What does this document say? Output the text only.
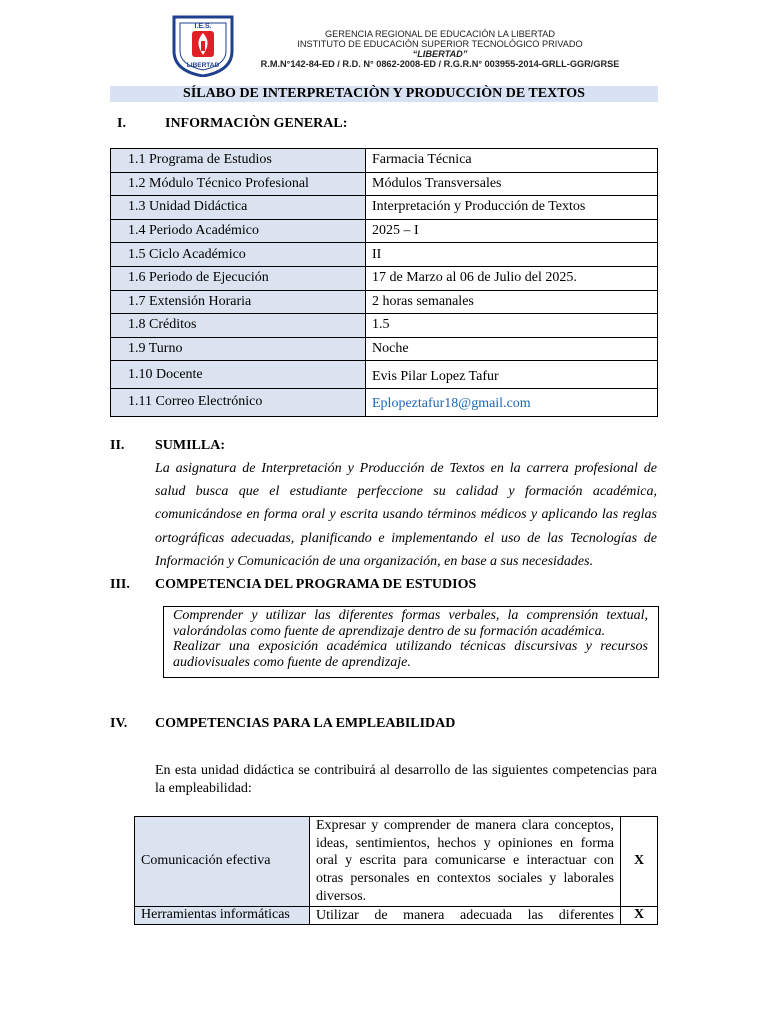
I.E.S.
LIBERTAD
GERENCIA REGIONAL DE EDUCACIÓN LA LIBERTAD
INSTITUTO DE EDUCACIÓN SUPERIOR TECNOLÓGICO PRIVADO
“LIBERTAD”
R.M.N°142-84-ED / R.D. N° 0862-2008-ED / R.G.R.N° 003955-2014-GRLL-GGR/GRSE
SÍLABO DE INTERPRETACIÒN Y PRODUCCIÒN DE TEXTOS
I.	INFORMACIÒN GENERAL:
1.1 Programa de Estudios	Farmacia Técnica
1.2 Módulo Técnico Profesional	Módulos Transversales
1.3 Unidad Didáctica	Interpretación y Producción de Textos
1.4 Periodo Académico	2025 – I
1.5 Ciclo Académico	II
1.6 Periodo de Ejecución	17 de Marzo al 06 de Julio del 2025.
1.7 Extensión Horaria	2 horas semanales
1.8 Créditos	1.5
1.9 Turno	Noche
1.10 Docente	Evis Pilar Lopez Tafur
1.11 Correo Electrónico	Eplopeztafur18@gmail.com
II. SUMILLA:
La asignatura de Interpretación y Producción de Textos en la carrera profesional de salud busca que el estudiante perfeccione su calidad y formación académica, comunicándose en forma oral y escrita usando términos médicos y aplicando las reglas ortográficas adecuadas, planificando e implementando el uso de las Tecnologías de Información y Comunicación de una organización, en base a sus necesidades.
III. COMPETENCIA DEL PROGRAMA DE ESTUDIOS

Comprender y utilizar las diferentes formas verbales, la comprensión textual, valorándolas como fuente de aprendizaje dentro de su formación académica.

Realizar una exposición académica utilizando técnicas discursivas y recursos audiovisuales como fuente de aprendizaje.

IV. COMPETENCIAS PARA LA EMPLEABILIDAD
En esta unidad didáctica se contribuirá al desarrollo de las siguientes competencias para la empleabilidad:
Comunicación efectiva	Expresar y comprender de manera clara conceptos, ideas, sentimientos, hechos y opiniones en forma oral y escrita para comunicarse e interactuar con otras personales en contextos sociales y laborales diversos.	X
Herramientas informáticas	Utilizar de manera adecuada las diferentes	X
